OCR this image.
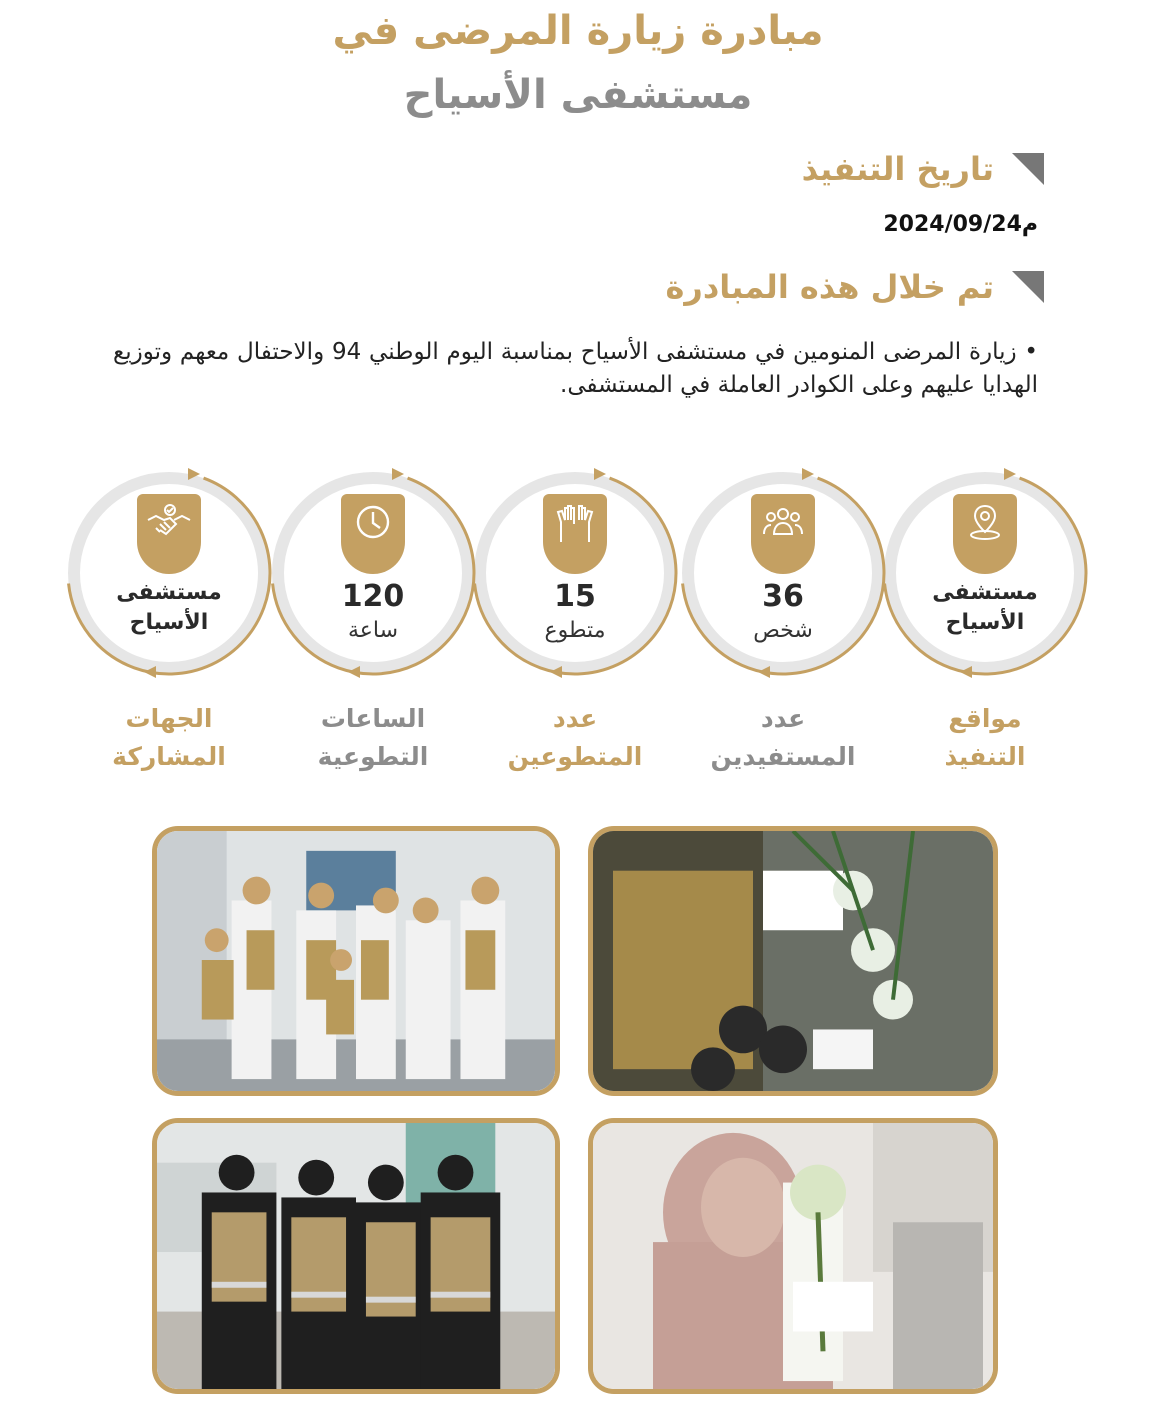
مبادرة زيارة المرضى في
مستشفى الأسياح
تاريخ التنفيذ
2024/09/24م
تم خلال هذه المبادرة

• زيارة المرضى المنومين في مستشفى الأسياح بمناسبة اليوم الوطني 94 والاحتفال معهم وتوزيع الهدايا عليهم وعلى الكوادر العاملة في المستشفى.

مستشفى
الأسياح
36
شخص
15
متطوع
120
ساعة
مستشفى
الأسياح
مواقع
التنفيذ
عدد
المستفيدين
عدد
المتطوعين
الساعات
التطوعية
الجهات
المشاركة
